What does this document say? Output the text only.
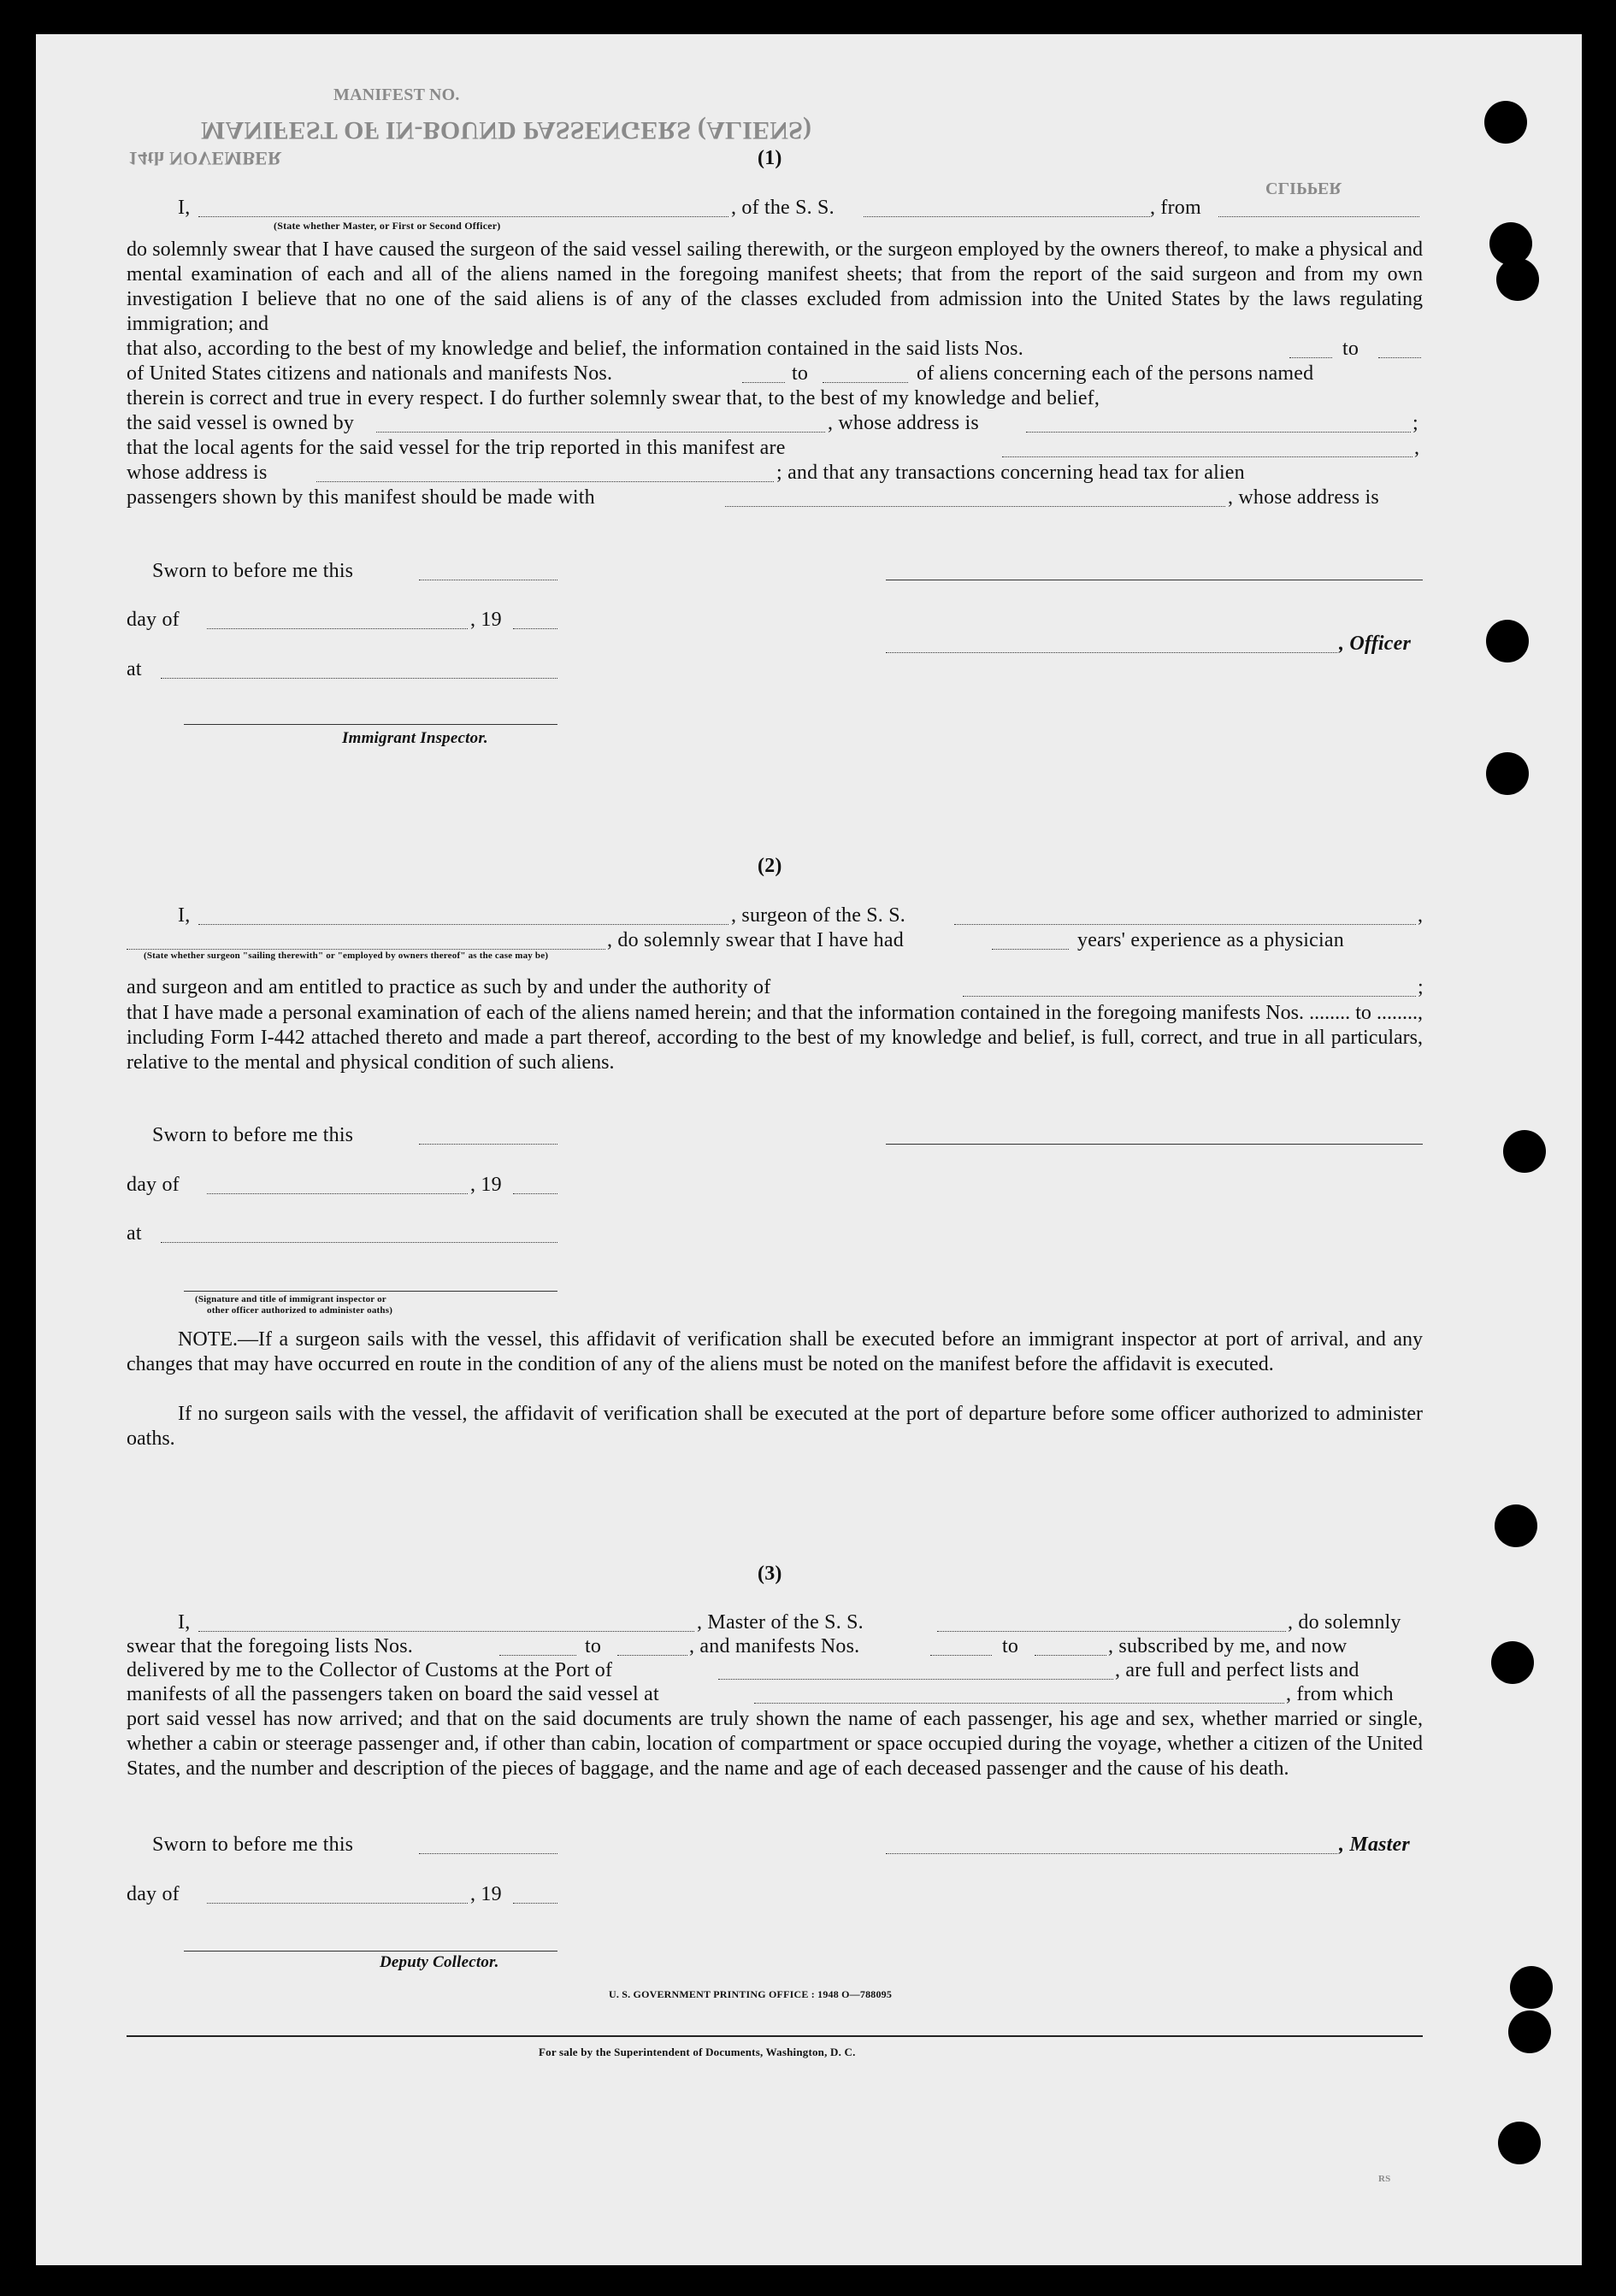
MANIFEST NO.
MANIFEST OF IN-BOUND PASSENGERS (ALIENS)
14th NOVEMBER	(1)
I,	, of the S. S.	, from
CLIPPER
(State whether Master, or First or Second Officer)
do solemnly swear that I have caused the surgeon of the said vessel sailing therewith, or the surgeon employed by the owners thereof, to make a physical and mental examination of each and all of the aliens named in the foregoing manifest sheets; that from the report of the said surgeon and from my own investigation I believe that no one of the said aliens is of any of the classes excluded from admission into the United States by the laws regulating immigration; and
that also, according to the best of my knowledge and belief, the information contained in the said lists Nos.	to
of United States citizens and nationals and manifests Nos.	to	of aliens concerning each of the persons named
therein is correct and true in every respect. I do further solemnly swear that, to the best of my knowledge and belief,
the said vessel is owned by	, whose address is	;
that the local agents for the said vessel for the trip reported in this manifest are	,
whose address is	; and that any transactions concerning head tax for alien
passengers shown by this manifest should be made with	, whose address is
Sworn to before me this
day of	, 19
, Officer
at
Immigrant Inspector.
(2)
I,	, surgeon of the S. S.	,
, do solemnly swear that I have had	years' experience as a physician
(State whether surgeon "sailing therewith" or "employed by owners thereof" as the case may be)
and surgeon and am entitled to practice as such by and under the authority of	;
that I have made a personal examination of each of the aliens named herein; and that the information contained in the foregoing manifests Nos. ........ to ........, including Form I-442 attached thereto and made a part thereof, according to the best of my knowledge and belief, is full, correct, and true in all particulars, relative to the mental and physical condition of such aliens.
Sworn to before me this
day of	, 19
at
(Signature and title of immigrant inspector or
other officer authorized to administer oaths)
NOTE.—If a surgeon sails with the vessel, this affidavit of verification shall be executed before an immigrant inspector at port of arrival, and any changes that may have occurred en route in the condition of any of the aliens must be noted on the manifest before the affidavit is executed.
If no surgeon sails with the vessel, the affidavit of verification shall be executed at the port of departure before some officer authorized to administer oaths.
(3)
I,	, Master of the S. S.	, do solemnly
swear that the foregoing lists Nos.	to	, and manifests Nos.	to	, subscribed by me, and now
delivered by me to the Collector of Customs at the Port of	, are full and perfect lists and
manifests of all the passengers taken on board the said vessel at	, from which
port said vessel has now arrived; and that on the said documents are truly shown the name of each passenger, his age and sex, whether married or single, whether a cabin or steerage passenger and, if other than cabin, location of compartment or space occupied during the voyage, whether a citizen of the United States, and the number and description of the pieces of baggage, and the name and age of each deceased passenger and the cause of his death.
Sworn to before me this	, Master
day of	, 19
Deputy Collector.
U. S. GOVERNMENT PRINTING OFFICE : 1948 O—788095
For sale by the Superintendent of Documents, Washington, D. C.
RS
